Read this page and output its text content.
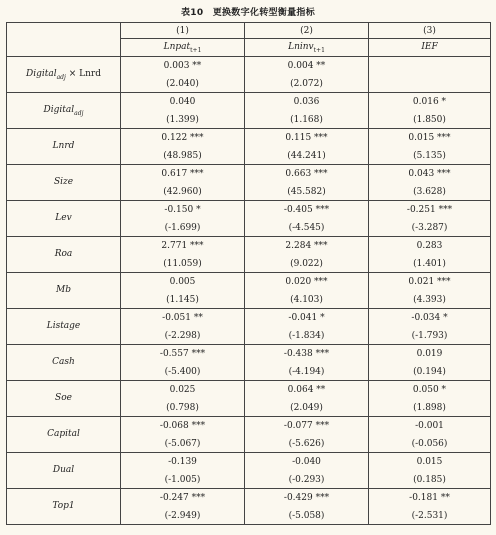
表10　更换数字化转型衡量指标
	(1)	(2)	(3)
	Lnpat$_{t+1}$	Lninv$_{t+1}$	IEF
Digital$_{adj}$ × Lnrd	0.003 **	0.004 **	
	(2.040)	(2.072)	
Digital$_{adj}$	0.040	0.036	0.016 *
	(1.399)	(1.168)	(1.850)
Lnrd	0.122 ***	0.115 ***	0.015 ***
	(48.985)	(44.241)	(5.135)
Size	0.617 ***	0.663 ***	0.043 ***
	(42.960)	(45.582)	(3.628)
Lev	-0.150 *	-0.405 ***	-0.251 ***
	(-1.699)	(-4.545)	(-3.287)
Roa	2.771 ***	2.284 ***	0.283
	(11.059)	(9.022)	(1.401)
Mb	0.005	0.020 ***	0.021 ***
	(1.145)	(4.103)	(4.393)
Listage	-0.051 **	-0.041 *	-0.034 *
	(-2.298)	(-1.834)	(-1.793)
Cash	-0.557 ***	-0.438 ***	0.019
	(-5.400)	(-4.194)	(0.194)
Soe	0.025	0.064 **	0.050 *
	(0.798)	(2.049)	(1.898)
Capital	-0.068 ***	-0.077 ***	-0.001
	(-5.067)	(-5.626)	(-0.056)
Dual	-0.139	-0.040	0.015
	(-1.005)	(-0.293)	(0.185)
Top1	-0.247 ***	-0.429 ***	-0.181 **
	(-2.949)	(-5.058)	(-2.531)
